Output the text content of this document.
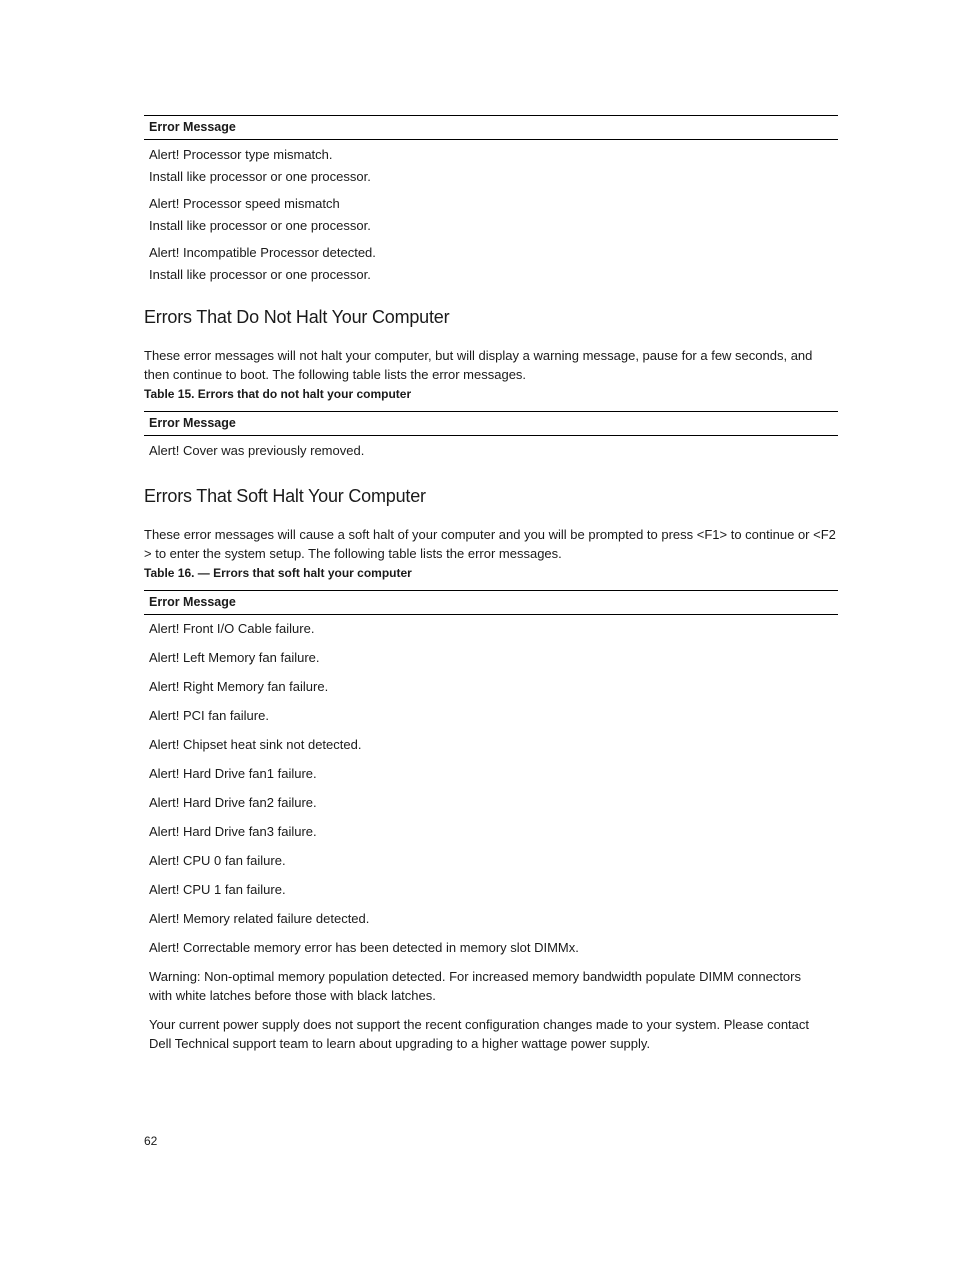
Error Message

Alert! Processor type mismatch.
Install like processor or one processor.

Alert! Processor speed mismatch
Install like processor or one processor.

Alert! Incompatible Processor detected.
Install like processor or one processor.
Errors That Do Not Halt Your Computer

These error messages will not halt your computer, but will display a warning message, pause for a few seconds, and then continue to boot. The following table lists the error messages.

Table 15. Errors that do not halt your computer

Error Message
Alert! Cover was previously removed.
Errors That Soft Halt Your Computer

These error messages will cause a soft halt of your computer and you will be prompted to press <F1> to continue or <F2 > to enter the system setup. The following table lists the error messages.

Table 16. — Errors that soft halt your computer

Error Message
Alert! Front I/O Cable failure.
Alert! Left Memory fan failure.
Alert! Right Memory fan failure.
Alert! PCI fan failure.
Alert! Chipset heat sink not detected.
Alert! Hard Drive fan1 failure.
Alert! Hard Drive fan2 failure.
Alert! Hard Drive fan3 failure.
Alert! CPU 0 fan failure.
Alert! CPU 1 fan failure.
Alert! Memory related failure detected.
Alert! Correctable memory error has been detected in memory slot DIMMx.
Warning: Non-optimal memory population detected. For increased memory bandwidth populate DIMM connectors with white latches before those with black latches.
Your current power supply does not support the recent configuration changes made to your system. Please contact Dell Technical support team to learn about upgrading to a higher wattage power supply.
62
